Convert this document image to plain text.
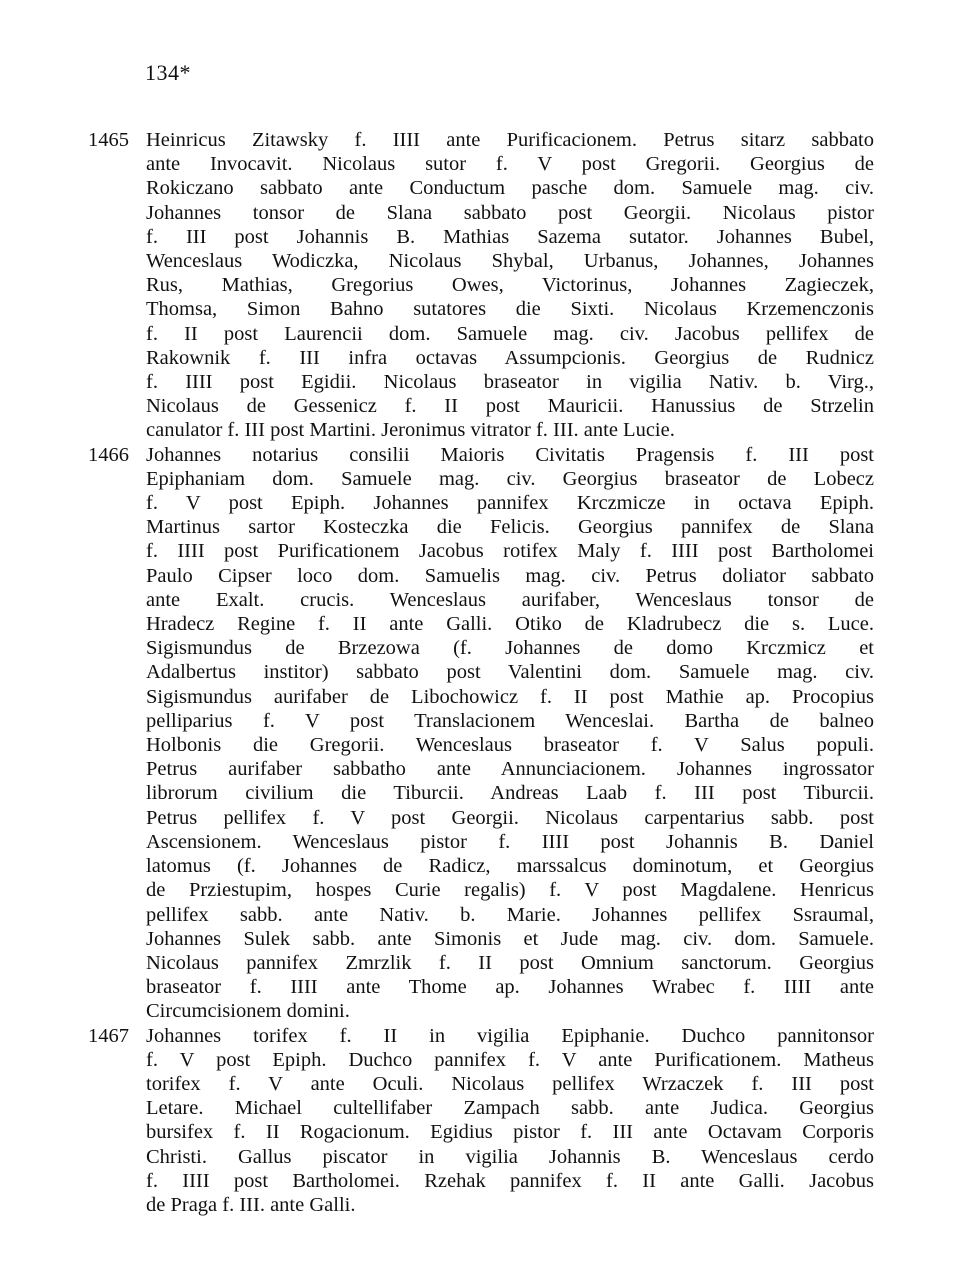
134*
1465 Heinricus Zitawsky f. IIII ante Purificacionem. Petrus sitarz sabbato
ante Invocavit. Nicolaus sutor f. V post Gregorii. Georgius de
Rokiczano sabbato ante Conductum pasche dom. Samuele mag. civ.
Johannes tonsor de Slana sabbato post Georgii. Nicolaus pistor
f. III post Johannis B. Mathias Sazema sutator. Johannes Bubel,
Wenceslaus Wodiczka, Nicolaus Shybal, Urbanus, Johannes, Johannes
Rus, Mathias, Gregorius Owes, Victorinus, Johannes Zagieczek,
Thomsa, Simon Bahno sutatores die Sixti. Nicolaus Krzemenczonis
f. II post Laurencii dom. Samuele mag. civ. Jacobus pellifex de
Rakownik f. III infra octavas Assumpcionis. Georgius de Rudnicz
f. IIII post Egidii. Nicolaus braseator in vigilia Nativ. b. Virg.,
Nicolaus de Gessenicz f. II post Mauricii. Hanussius de Strzelin
canulator f. III post Martini. Jeronimus vitrator f. III. ante Lucie.
1466 Johannes notarius consilii Maioris Civitatis Pragensis f. III post
Epiphaniam dom. Samuele mag. civ. Georgius braseator de Lobecz
f. V post Epiph. Johannes pannifex Krczmicze in octava Epiph.
Martinus sartor Kosteczka die Felicis. Georgius pannifex de Slana
f. IIII post Purificationem Jacobus rotifex Maly f. IIII post Bartholomei
Paulo Cipser loco dom. Samuelis mag. civ. Petrus doliator sabbato
ante Exalt. crucis. Wenceslaus aurifaber, Wenceslaus tonsor de
Hradecz Regine f. II ante Galli. Otiko de Kladrubecz die s. Luce.
Sigismundus de Brzezowa (f. Johannes de domo Krczmicz et
Adalbertus institor) sabbato post Valentini dom. Samuele mag. civ.
Sigismundus aurifaber de Libochowicz f. II post Mathie ap. Procopius
pelliparius f. V post Translacionem Wenceslai. Bartha de balneo
Holbonis die Gregorii. Wenceslaus braseator f. V Salus populi.
Petrus aurifaber sabbatho ante Annunciacionem. Johannes ingrossator
librorum civilium die Tiburcii. Andreas Laab f. III post Tiburcii.
Petrus pellifex f. V post Georgii. Nicolaus carpentarius sabb. post
Ascensionem. Wenceslaus pistor f. IIII post Johannis B. Daniel
latomus (f. Johannes de Radicz, marssalcus dominotum, et Georgius
de Prziestupim, hospes Curie regalis) f. V post Magdalene. Henricus
pellifex sabb. ante Nativ. b. Marie. Johannes pellifex Ssraumal,
Johannes Sulek sabb. ante Simonis et Jude mag. civ. dom. Samuele.
Nicolaus pannifex Zmrzlik f. II post Omnium sanctorum. Georgius
braseator f. IIII ante Thome ap. Johannes Wrabec f. IIII ante
Circumcisionem domini.
1467 Johannes torifex f. II in vigilia Epiphanie. Duchco pannitonsor
f. V post Epiph. Duchco pannifex f. V ante Purificationem. Matheus
torifex f. V ante Oculi. Nicolaus pellifex Wrzaczek f. III post
Letare. Michael cultellifaber Zampach sabb. ante Judica. Georgius
bursifex f. II Rogacionum. Egidius pistor f. III ante Octavam Corporis
Christi. Gallus piscator in vigilia Johannis B. Wenceslaus cerdo
f. IIII post Bartholomei. Rzehak pannifex f. II ante Galli. Jacobus
de Praga f. III. ante Galli.
